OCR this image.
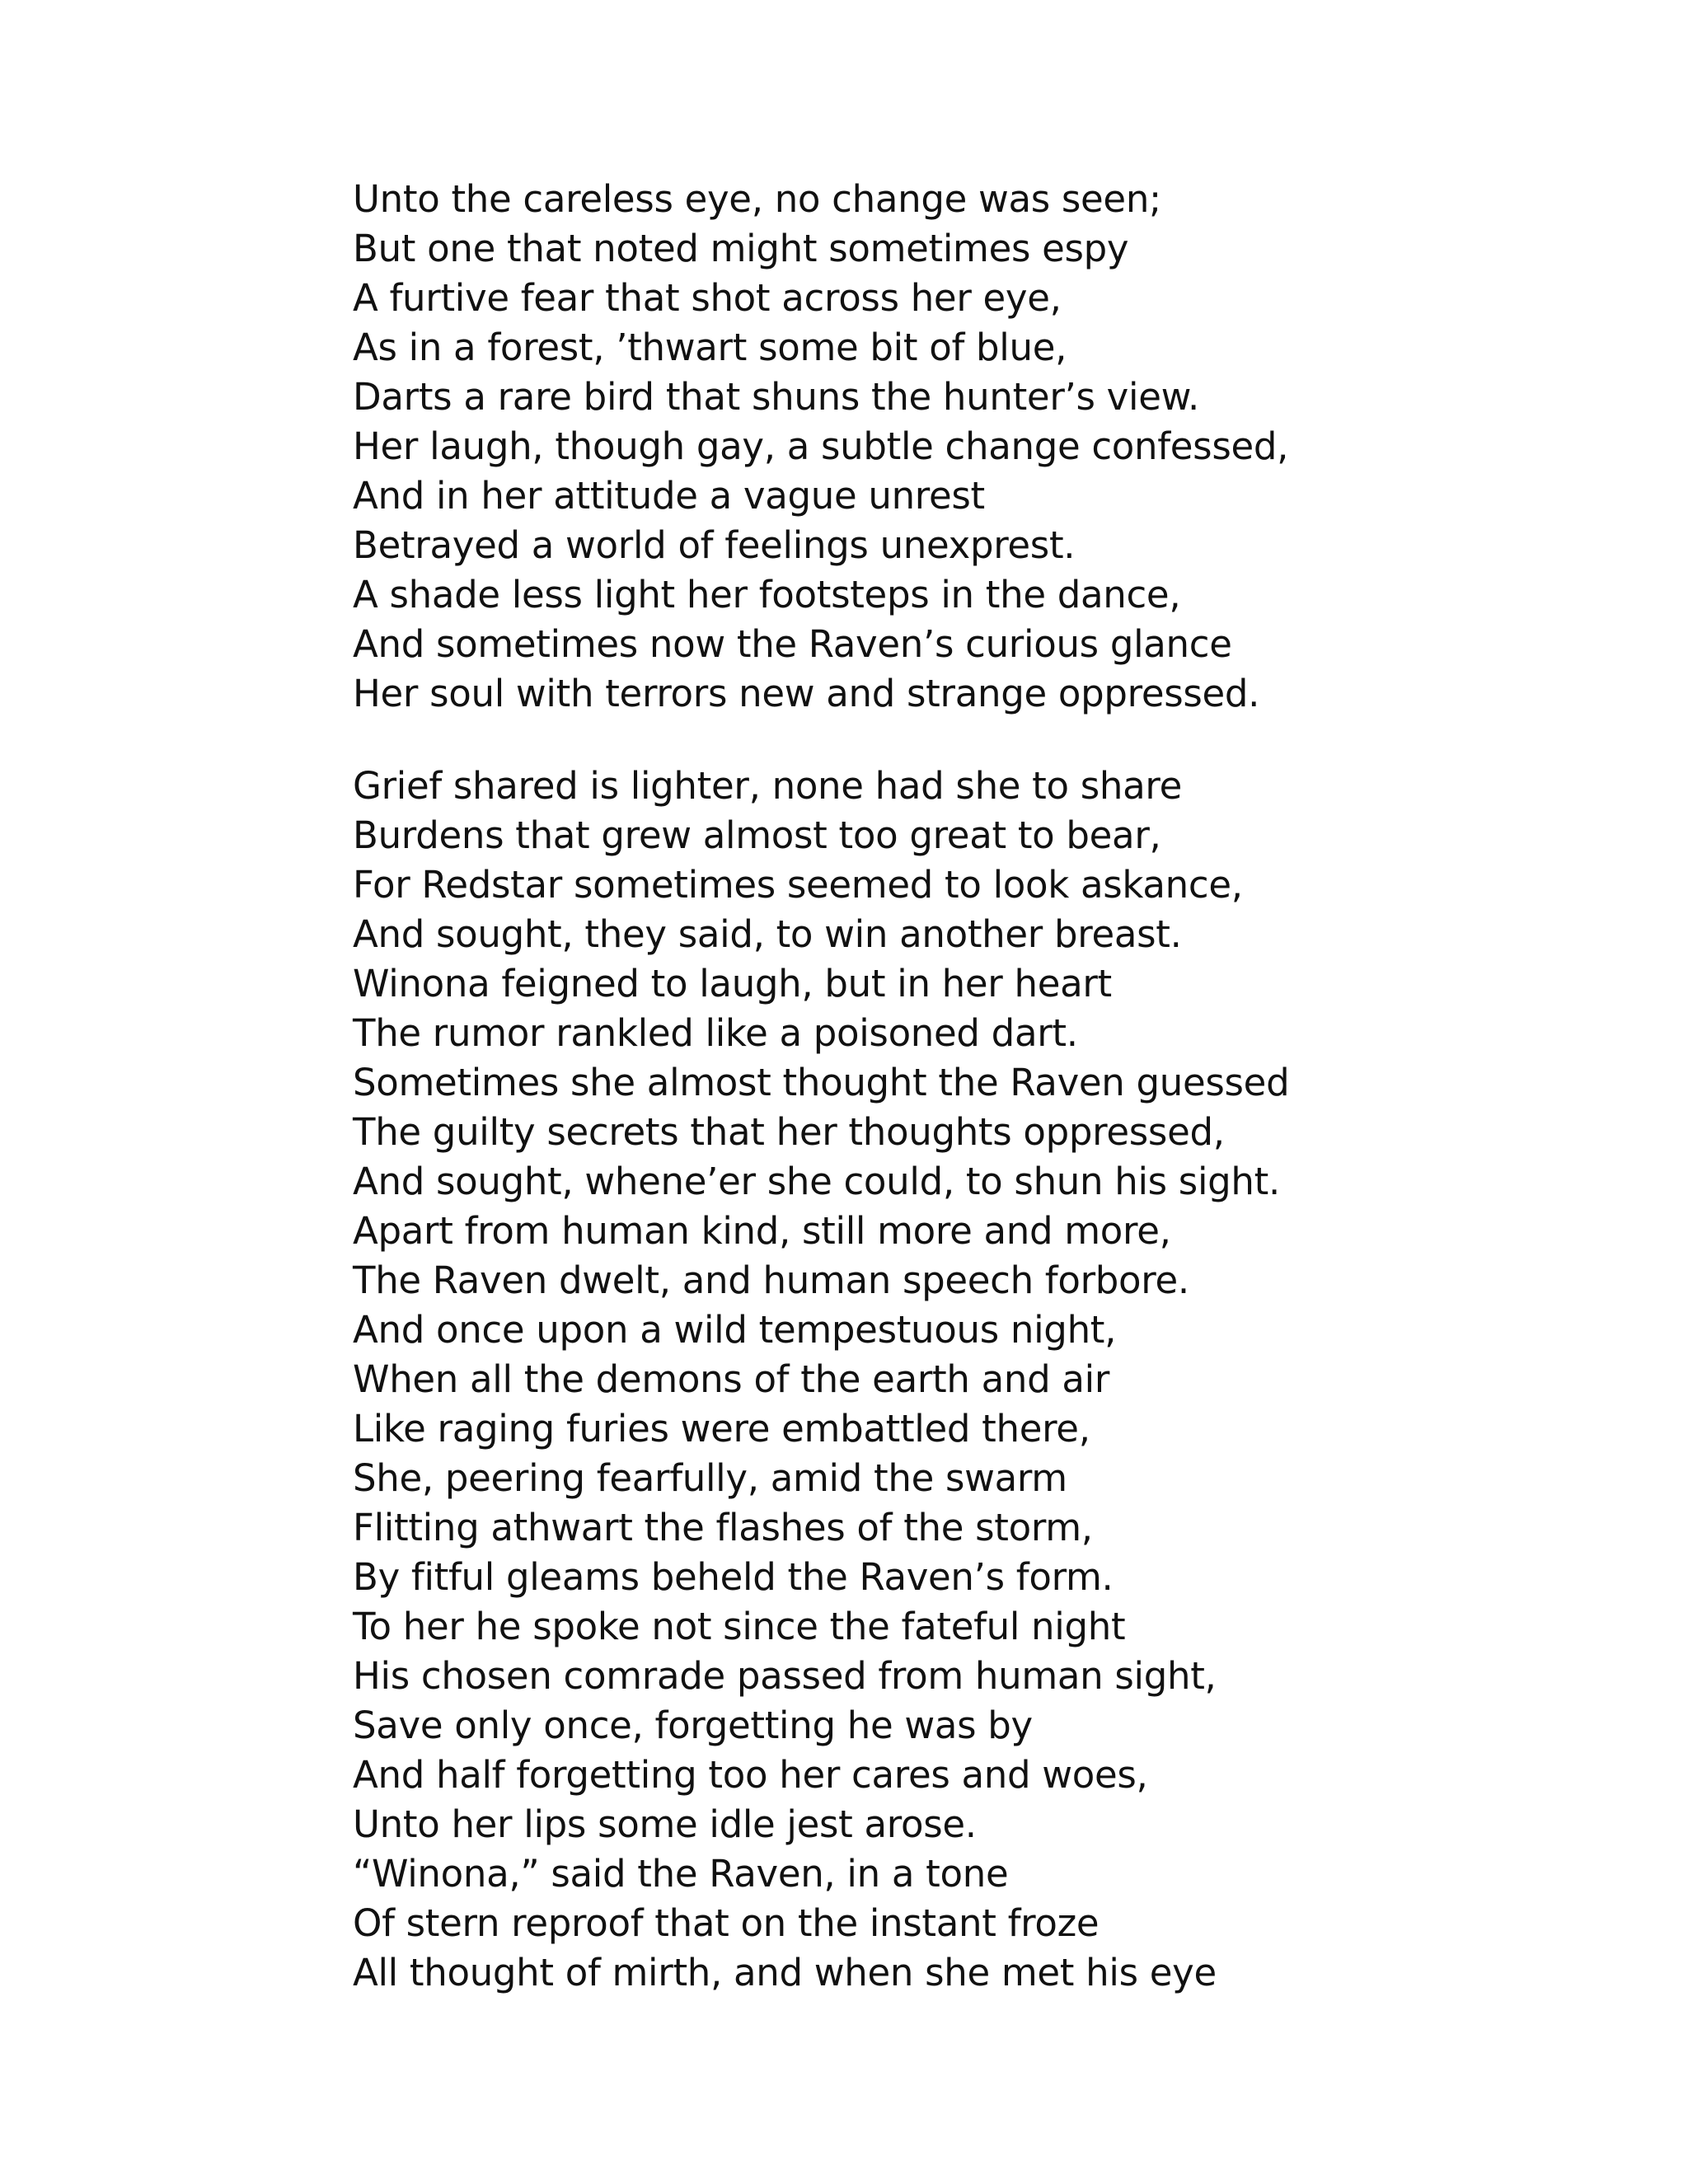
Unto the careless eye, no change was seen;
But one that noted might sometimes espy
A furtive fear that shot across her eye,
As in a forest, ’thwart some bit of blue,
Darts a rare bird that shuns the hunter’s view.
Her laugh, though gay, a subtle change confessed,
And in her attitude a vague unrest
Betrayed a world of feelings unexprest.
A shade less light her footsteps in the dance,
And sometimes now the Raven’s curious glance
Her soul with terrors new and strange oppressed.
Grief shared is lighter, none had she to share
Burdens that grew almost too great to bear,
For Redstar sometimes seemed to look askance,
And sought, they said, to win another breast.
Winona feigned to laugh, but in her heart
The rumor rankled like a poisoned dart.
Sometimes she almost thought the Raven guessed
The guilty secrets that her thoughts oppressed,
And sought, whene’er she could, to shun his sight.
Apart from human kind, still more and more,
The Raven dwelt, and human speech forbore.
And once upon a wild tempestuous night,
When all the demons of the earth and air
Like raging furies were embattled there,
She, peering fearfully, amid the swarm
Flitting athwart the flashes of the storm,
By fitful gleams beheld the Raven’s form.
To her he spoke not since the fateful night
His chosen comrade passed from human sight,
Save only once, forgetting he was by
And half forgetting too her cares and woes,
Unto her lips some idle jest arose.
“Winona,” said the Raven, in a tone
Of stern reproof that on the instant froze
All thought of mirth, and when she met his eye
